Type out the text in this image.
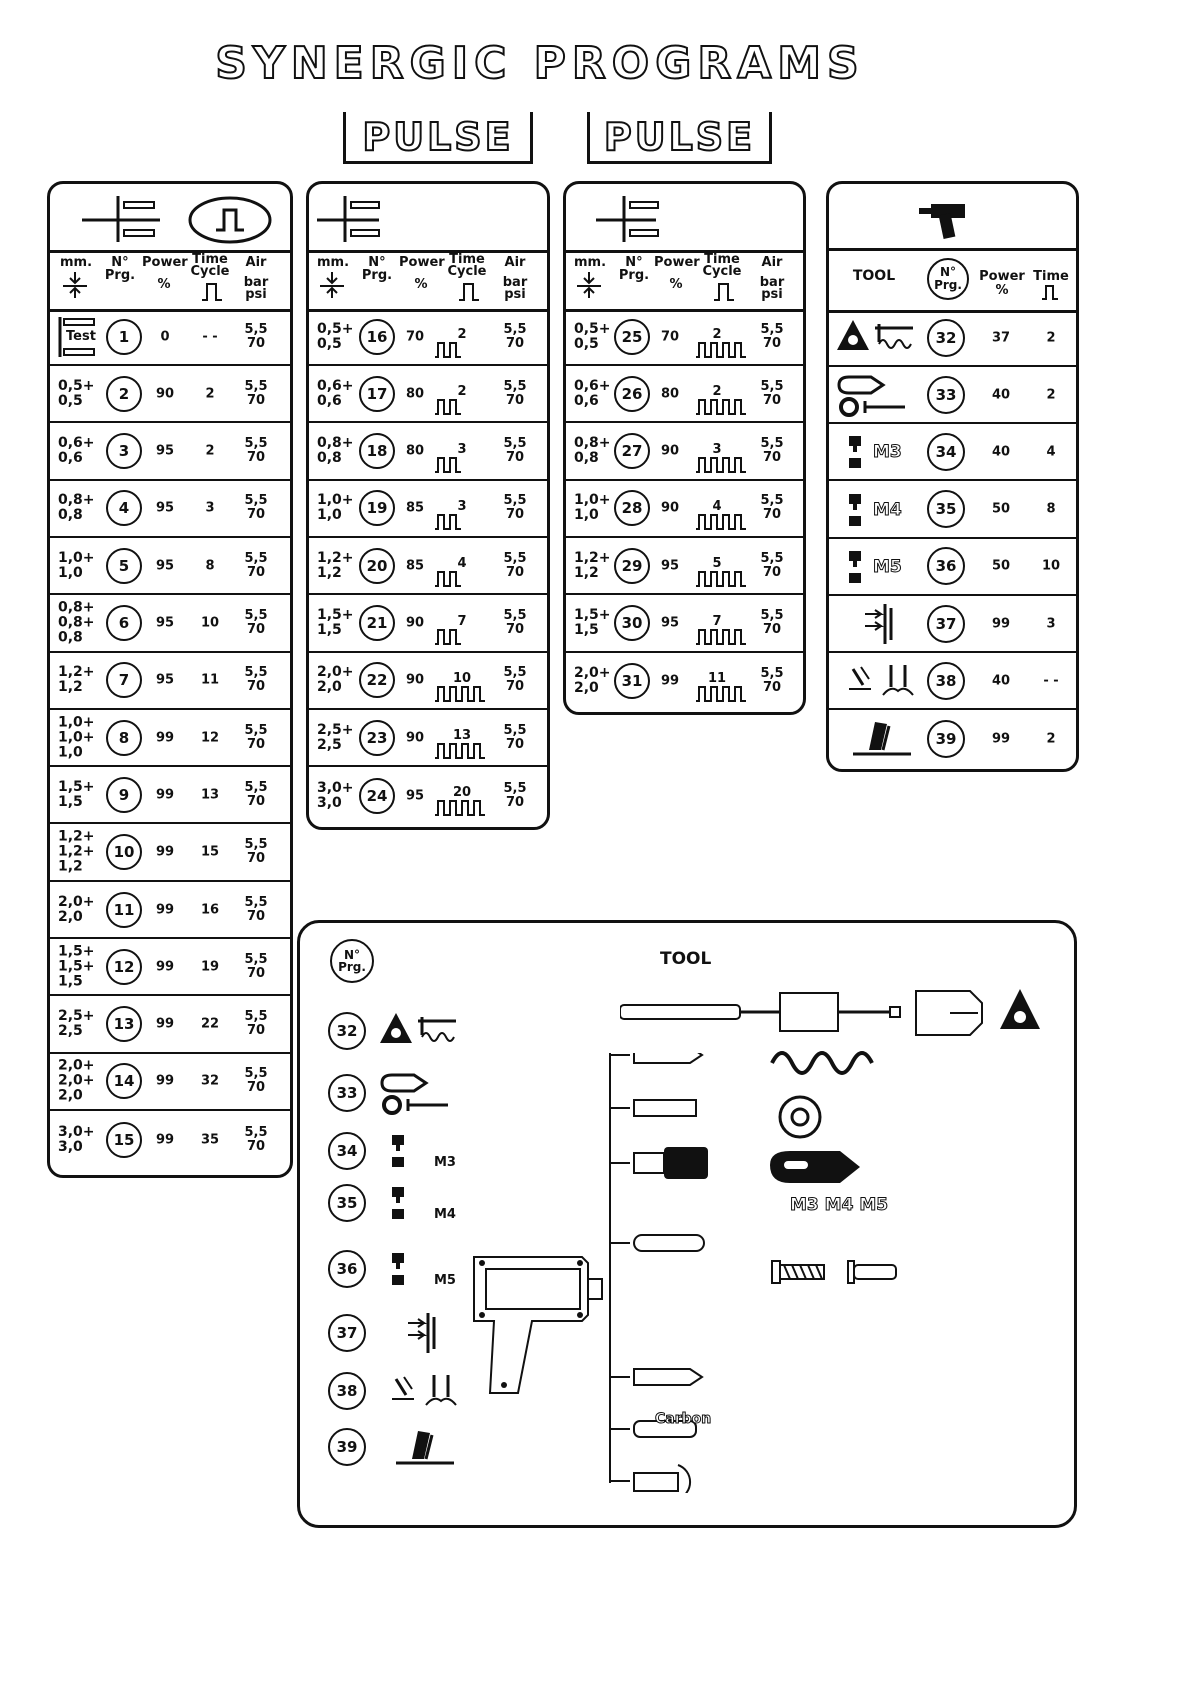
SYNERGIC PROGRAMS
PULSE	PULSE
mm.	N° Prg.
Power
%
Time
Cycle
Air
bar
psi
1	0	- -	5,5
70
Test
0,5+
0,5	2	90	2	5,5
70
0,6+
0,6	3	95	2	5,5
70
0,8+
0,8	4	95	3	5,5
70
1,0+
1,0	5	95	8	5,5
70
0,8+
0,8+
0,8
6	95	10	5,5
70
1,2+
1,2	7	95	11	5,5
70
1,0+
1,0+
1,0
8	99	12	5,5
70
1,5+
1,5	9	99	13	5,5
70
1,2+
1,2+
1,2
10	99	15	5,5
70
2,0+
2,0	11	99	16	5,5
70
1,5+
1,5+
1,5
12	99	19	5,5
70
2,5+
2,5	13	99	22	5,5
70
2,0+
2,0+
2,0
14	99	32	5,5
70
3,0+
3,0	15	99	35	5,5
70
mm.	N° Prg.
Power
%
Time
Cycle
Air
bar
psi
0,5+
0,5	16	70	2	5,5
70
0,6+
0,6	17	80	2	5,5
70
0,8+
0,8	18	80	3	5,5
70
1,0+
1,0	19	85	3	5,5
70
1,2+
1,2	20	85	4	5,5
70
1,5+
1,5	21	90	7	5,5
70
2,0+
2,0	22	90	10	5,5
70
2,5+
2,5	23	90	13	5,5
70
3,0+
3,0	24	95	20	5,5
70
mm.	N° Prg.
Power
%
Time
Cycle
Air
bar
psi
0,5+
0,5	25	70	2	5,5
70
0,6+
0,6	26	80	2	5,5
70
0,8+
0,8	27	90	3	5,5
70
1,0+
1,0	28	90	4	5,5
70
1,2+
1,2	29	95	5	5,5
70
1,5+
1,5	30	95	7	5,5
70
2,0+
2,0	31	99	11	5,5
70
TOOL	N° Prg.
Power
%
Time
32	37	2
33	40	2
M3	34	40	4
M4	35	50	8
M5	36	50	10
37	99	3
38	40	- -
39	99	2
N° Prg.	TOOL
32
33
34
M3
35
M4
36
M5
37
38
39
Carbon
M3 M4 M5
